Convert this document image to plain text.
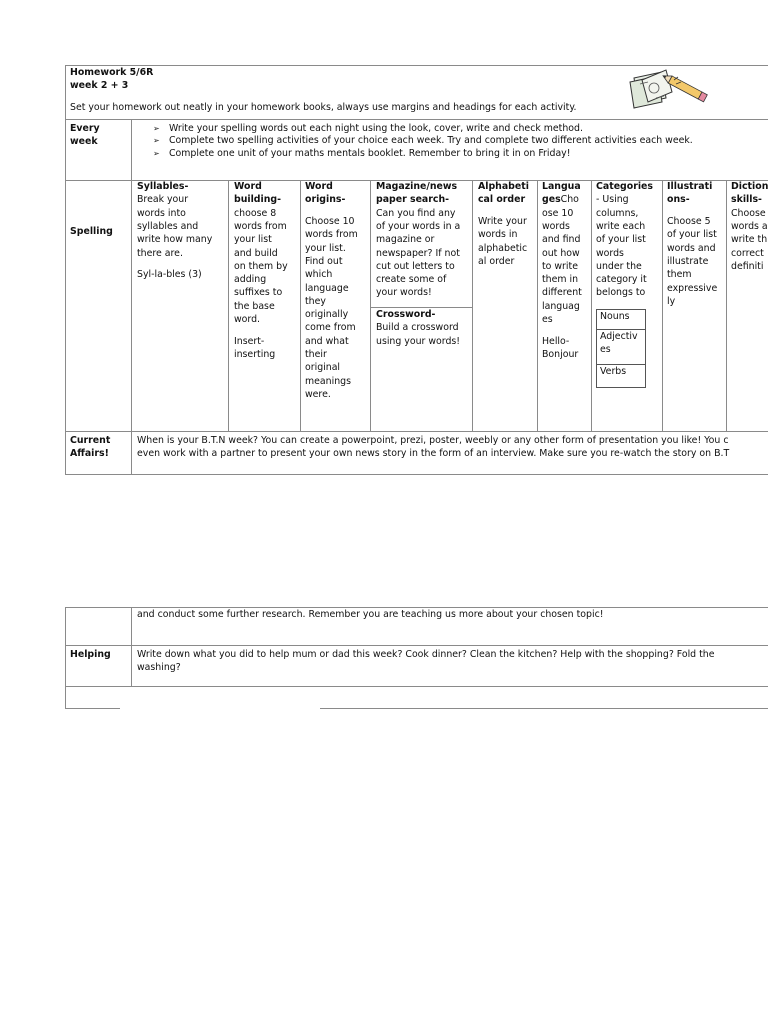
Homework 5/6R
week 2 + 3
Set your homework out neatly in your homework books, always use margins and headings for each activity.
Every
week
➢ Write your spelling words out each night using the look, cover, write and check method.
➢ Complete two spelling activities of your choice each week. Try and complete two different activities each week.
➢ Complete one unit of your maths mentals booklet. Remember to bring it in on Friday!
Spelling
Syllables-
Break your
words into
syllables and
write how many
there are.
Syl-la-bles (3)
Word
building-
choose 8
words from
your list
and build
on them by
adding
suffixes to
the base
word.
Insert-
inserting
Word
origins-
Choose 10
words from
your list.
Find out
which
language
they
originally
come from
and what
their
original
meanings
were.
Magazine/news
paper search-
Can you find any
of your words in a
magazine or
newspaper? If not
cut out letters to
create some of
your words!
Crossword-
Build a crossword
using your words!
Alphabeti
cal order
Write your
words in
alphabetic
al order
Langua
gesCho
ose 10
words
and find
out how
to write
them in
different
languag
es
Hello-
Bonjour
Categories
- Using
columns,
write each
of your list
words
under the
category it
belongs to
Nouns
Adjectiv
es
Verbs
Illustrati
ons-
Choose 5
of your list
words and
illustrate
them
expressive
ly
Diction
skills-
Choose
words a
write th
correct
definiti
Current
Affairs!
When is your B.T.N week? You can create a powerpoint, prezi, poster, weebly or any other form of presentation you like! You c
even work with a partner to present your own news story in the form of an interview. Make sure you re-watch the story on B.T
and conduct some further research. Remember you are teaching us more about your chosen topic!
Helping	Write down what you did to help mum or dad this week? Cook dinner? Clean the kitchen? Help with the shopping? Fold the
washing?
